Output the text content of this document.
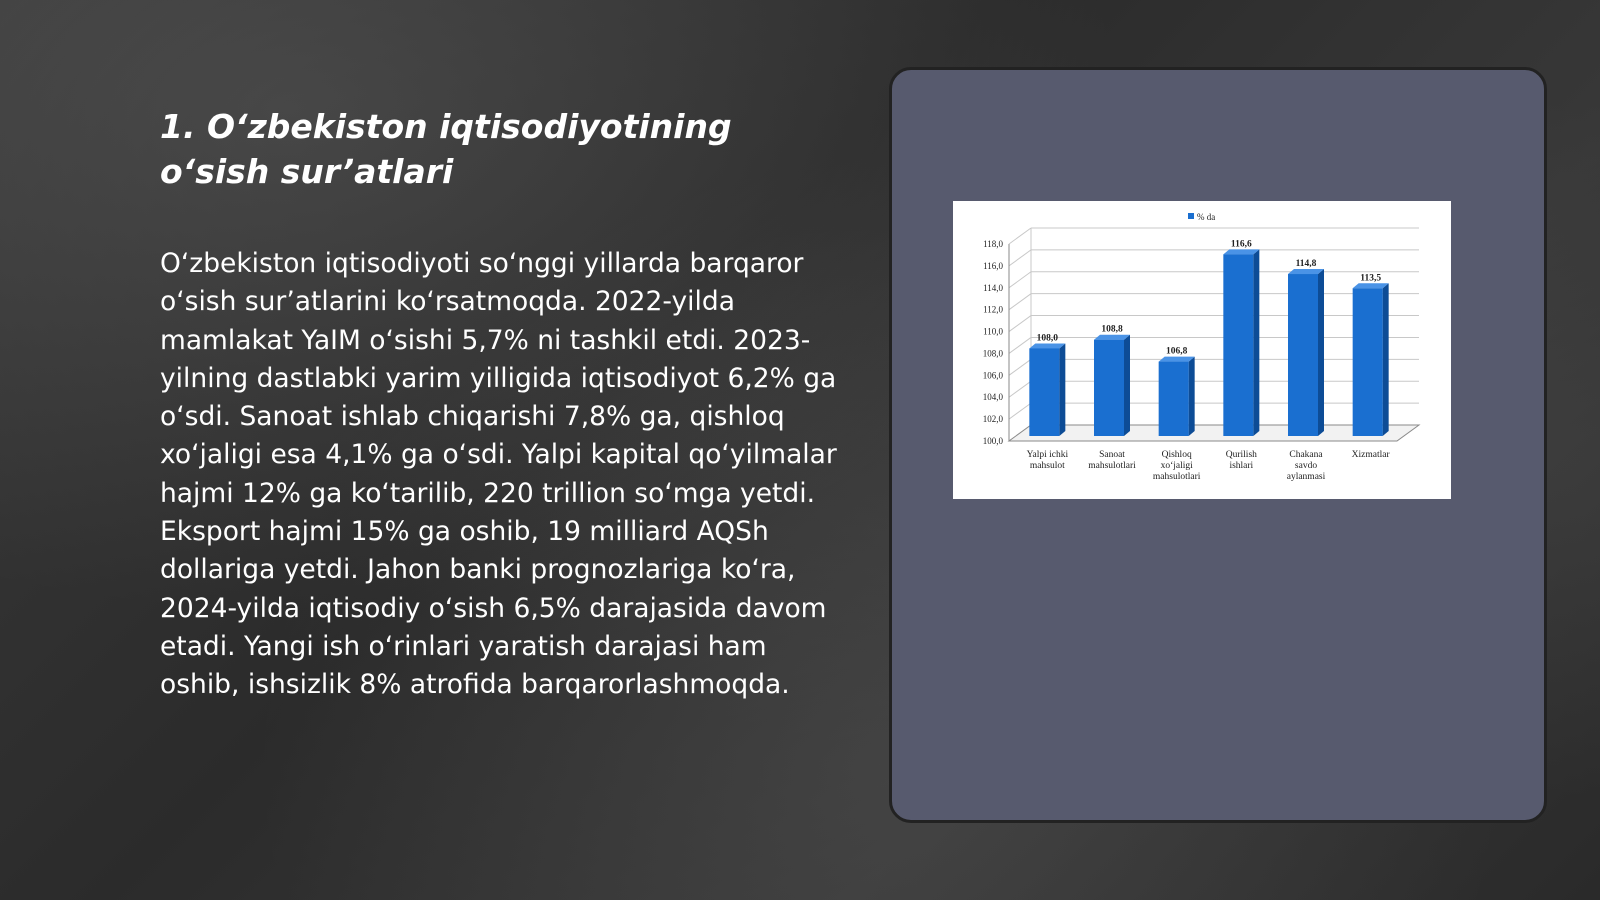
1. O‘zbekiston iqtisodiyotining o‘sish sur’atlari

O‘zbekiston iqtisodiyoti so‘nggi yillarda barqaror o‘sish sur’atlarini ko‘rsatmoqda. 2022-yilda mamlakat YaIM o‘sishi 5,7% ni tashkil etdi. 2023-yilning dastlabki yarim yilligida iqtisodiyot 6,2% ga o‘sdi. Sanoat ishlab chiqarishi 7,8% ga, qishloq xo‘jaligi esa 4,1% ga o‘sdi. Yalpi kapital qo‘yilmalar hajmi 12% ga ko‘tarilib, 220 trillion so‘mga yetdi. Eksport hajmi 15% ga oshib, 19 milliard AQSh dollariga yetdi. Jahon banki prognozlariga ko‘ra, 2024-yilda iqtisodiy o‘sish 6,5% darajasida davom etadi. Yangi ish o‘rinlari yaratish darajasi ham oshib, ishsizlik 8% atrofida barqarorlashmoqda.

100,0
102,0
104,0
106,0
108,0
110,0
112,0
114,0
116,0
118,0
108,0
Yalpi ichki
mahsulot
108,8
Sanoat
mahsulotlari
106,8
Qishloq
xo‘jaligi
mahsulotlari
116,6
Qurilish
ishlari
114,8
Chakana
savdo
aylanmasi
113,5
Xizmatlar
% da
